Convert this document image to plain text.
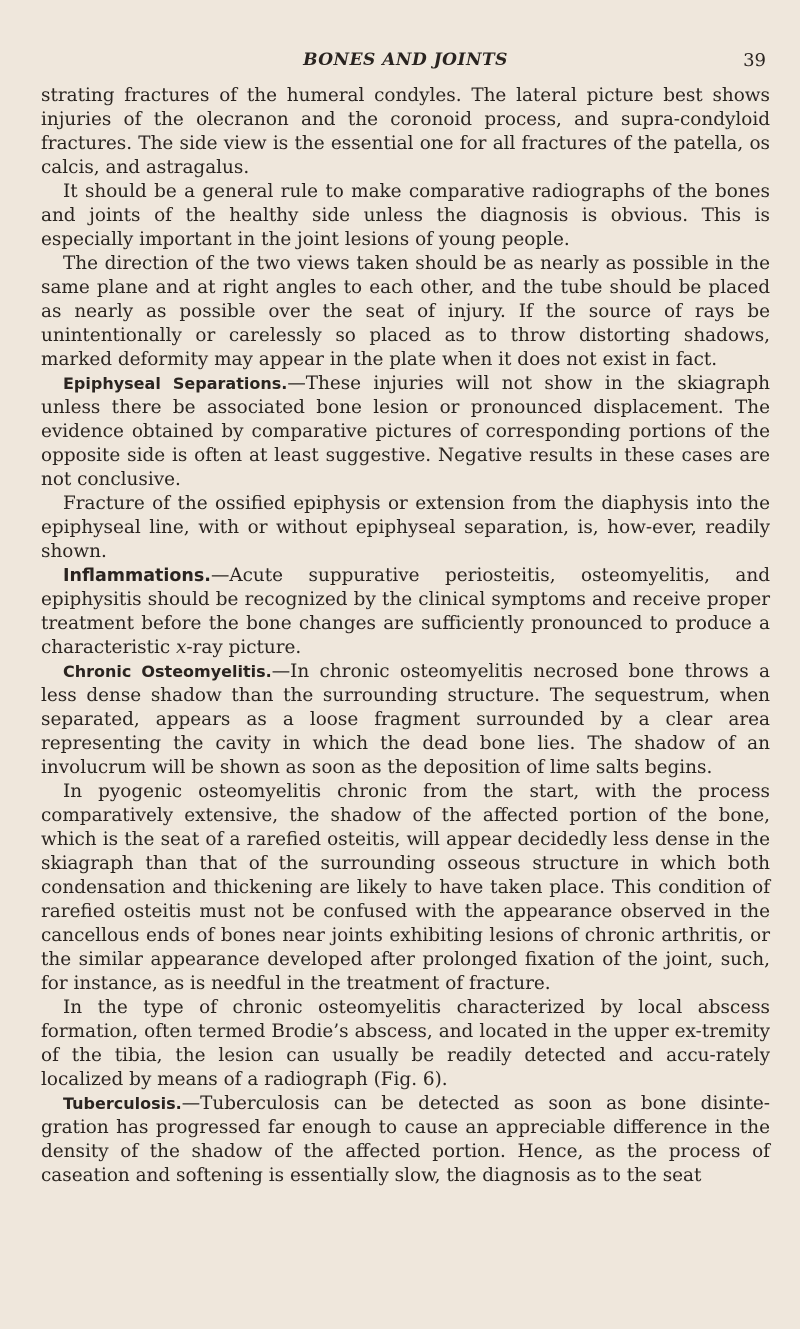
BONES AND JOINTS	39

strating fractures of the humeral condyles. The lateral picture best shows injuries of the olecranon and the coronoid process, and supra-condyloid fractures. The side view is the essential one for all fractures of the patella, os calcis, and astragalus.

It should be a general rule to make comparative radiographs of the bones and joints of the healthy side unless the diagnosis is obvious. This is especially important in the joint lesions of young people.

The direction of the two views taken should be as nearly as possible in the same plane and at right angles to each other, and the tube should be placed as nearly as possible over the seat of injury. If the source of rays be unintentionally or carelessly so placed as to throw distorting shadows, marked deformity may appear in the plate when it does not exist in fact.

Epiphyseal Separations.—These injuries will not show in the skiagraph unless there be associated bone lesion or pronounced displacement. The evidence obtained by comparative pictures of corresponding portions of the opposite side is often at least suggestive. Negative results in these cases are not conclusive.

Fracture of the ossified epiphysis or extension from the diaphysis into the epiphyseal line, with or without epiphyseal separation, is, how-ever, readily shown.

Inflammations.—Acute suppurative periosteitis, osteomyelitis, and epiphysitis should be recognized by the clinical symptoms and receive proper treatment before the bone changes are sufficiently pronounced to produce a characteristic x-ray picture.

Chronic Osteomyelitis.—In chronic osteomyelitis necrosed bone throws a less dense shadow than the surrounding structure. The sequestrum, when separated, appears as a loose fragment surrounded by a clear area representing the cavity in which the dead bone lies. The shadow of an involucrum will be shown as soon as the deposition of lime salts begins.

In pyogenic osteomyelitis chronic from the start, with the process comparatively extensive, the shadow of the affected portion of the bone, which is the seat of a rarefied osteitis, will appear decidedly less dense in the skiagraph than that of the surrounding osseous structure in which both condensation and thickening are likely to have taken place. This condition of rarefied osteitis must not be confused with the appearance observed in the cancellous ends of bones near joints exhibiting lesions of chronic arthritis, or the similar appearance developed after prolonged fixation of the joint, such, for instance, as is needful in the treatment of fracture.

In the type of chronic osteomyelitis characterized by local abscess formation, often termed Brodie’s abscess, and located in the upper ex-tremity of the tibia, the lesion can usually be readily detected and accu-rately localized by means of a radiograph (Fig. 6).

Tuberculosis.—Tuberculosis can be detected as soon as bone disinte-gration has progressed far enough to cause an appreciable difference in the density of the shadow of the affected portion. Hence, as the process of caseation and softening is essentially slow, the diagnosis as to the seat
